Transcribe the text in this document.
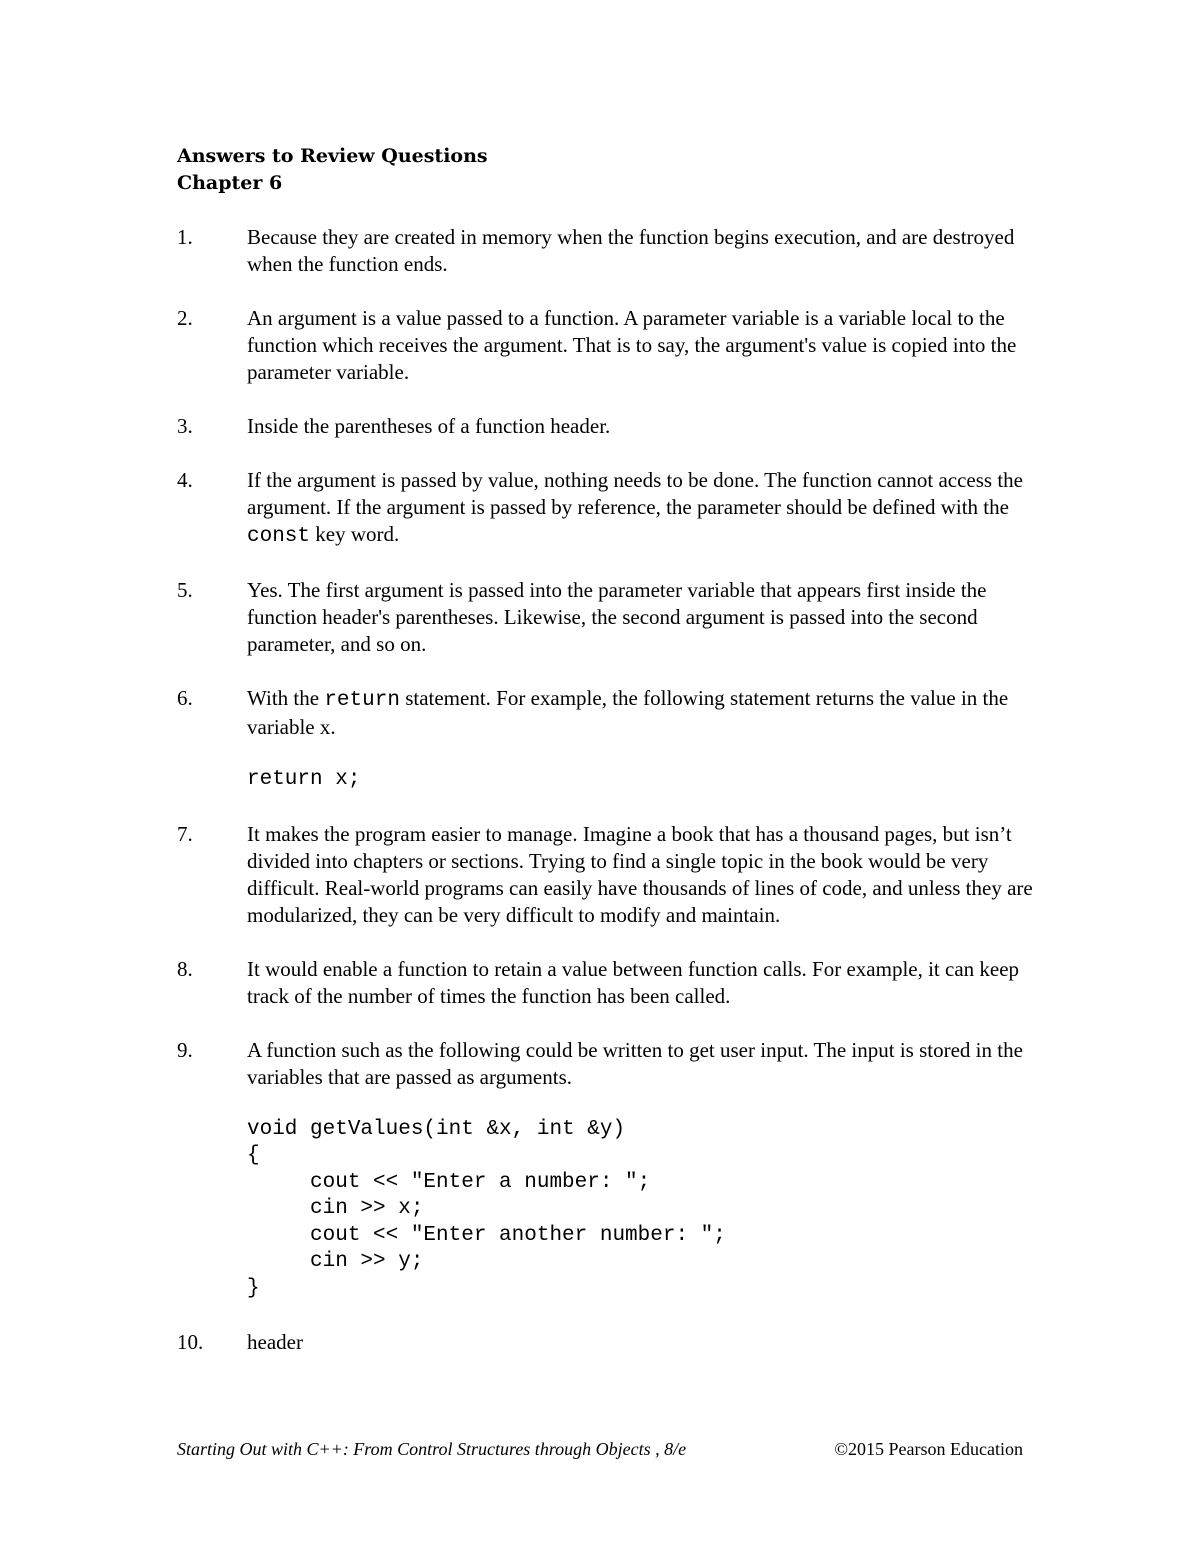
Answers to Review Questions
Chapter 6
1.	Because they are created in memory when the function begins execution, and are destroyed when the function ends.
2.	An argument is a value passed to a function. A parameter variable is a variable local to the function which receives the argument. That is to say, the argument's value is copied into the parameter variable.
3.	Inside the parentheses of a function header.
4.	If the argument is passed by value, nothing needs to be done. The function cannot access the argument. If the argument is passed by reference, the parameter should be defined with the const key word.
5.	Yes. The first argument is passed into the parameter variable that appears first inside the function header's parentheses. Likewise, the second argument is passed into the second parameter, and so on.
6.	With the return statement. For example, the following statement returns the value in the variable x.
return x;
7.	It makes the program easier to manage. Imagine a book that has a thousand pages, but isn’t divided into chapters or sections. Trying to find a single topic in the book would be very difficult. Real-world programs can easily have thousands of lines of code, and unless they are modularized, they can be very difficult to modify and maintain.
8.	It would enable a function to retain a value between function calls. For example, it can keep track of the number of times the function has been called.
9.	A function such as the following could be written to get user input. The input is stored in the variables that are passed as arguments.
void getValues(int &x, int &y)
{
cout << "Enter a number: ";
cin >> x;
cout << "Enter another number: ";
cin >> y;
}
10. header
Starting Out with C++: From Control Structures through Objects , 8/e	©2015 Pearson Education
